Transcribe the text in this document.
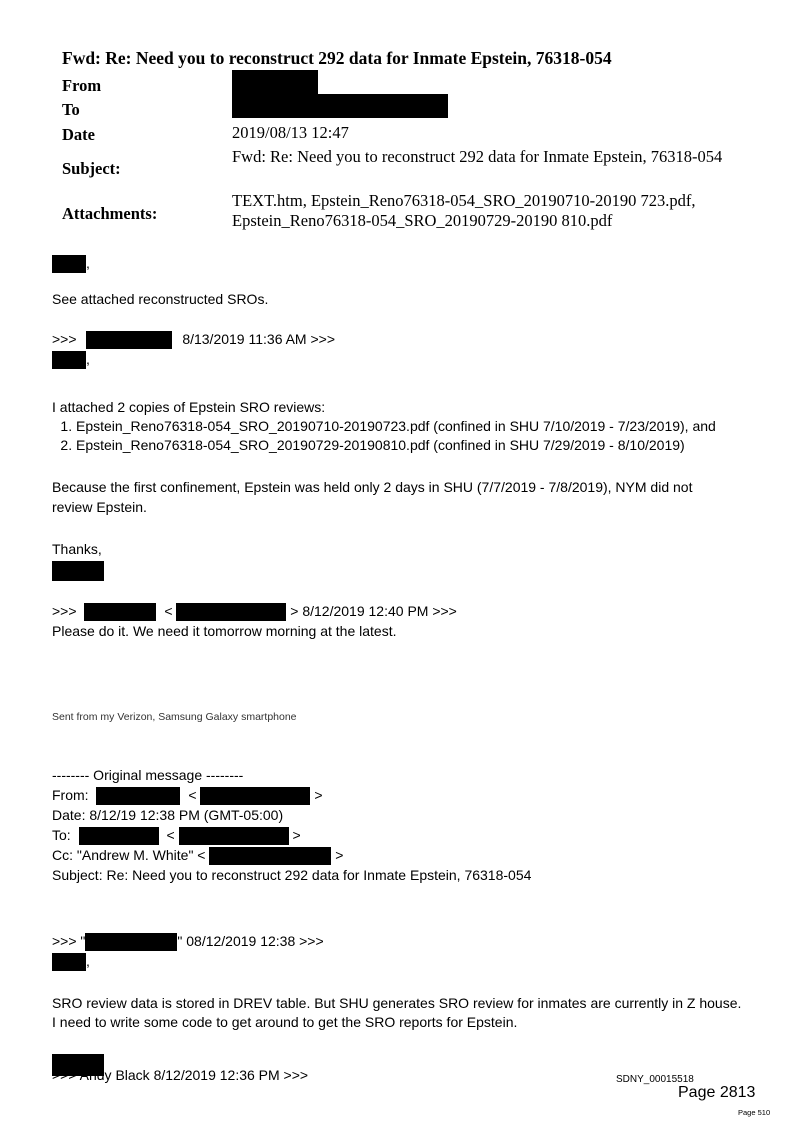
Fwd: Re: Need you to reconstruct 292 data for Inmate Epstein, 76318-054
From
To
Date	2019/08/13 12:47
Subject:
Fwd: Re: Need you to reconstruct 292 data for Inmate Epstein, 76318-054
Attachments:
TEXT.htm, Epstein_Reno76318-054_SRO_20190710-20190 723.pdf, Epstein_Reno76318-054_SRO_20190729-20190 810.pdf
,
See attached reconstructed SROs.
>>>	8/13/2019 11:36 AM >>>
,
I attached 2 copies of Epstein SRO reviews:
1. Epstein_Reno76318-054_SRO_20190710-20190723.pdf (confined in SHU 7/10/2019 - 7/23/2019), and
2. Epstein_Reno76318-054_SRO_20190729-20190810.pdf (confined in SHU 7/29/2019 - 8/10/2019)
Because the first confinement, Epstein was held only 2 days in SHU (7/7/2019 - 7/8/2019), NYM did not
review Epstein.
Thanks,
>>>	<	> 8/12/2019 12:40 PM >>>
Please do it. We need it tomorrow morning at the latest.
Sent from my Verizon, Samsung Galaxy smartphone
-------- Original message --------
From:	<	>
Date: 8/12/19 12:38 PM (GMT-05:00)
To:	<	>
Cc: "Andrew M. White" <	>
Subject: Re: Need you to reconstruct 292 data for Inmate Epstein, 76318-054
>>> "	" 08/12/2019 12:38 >>>
,
SRO review data is stored in DREV table. But SHU generates SRO review for inmates are currently in Z house.
I need to write some code to get around to get the SRO reports for Epstein.
>>> Andy Black 8/12/2019 12:36 PM >>>	SDNY_00015518
Page 2813
Page 510
